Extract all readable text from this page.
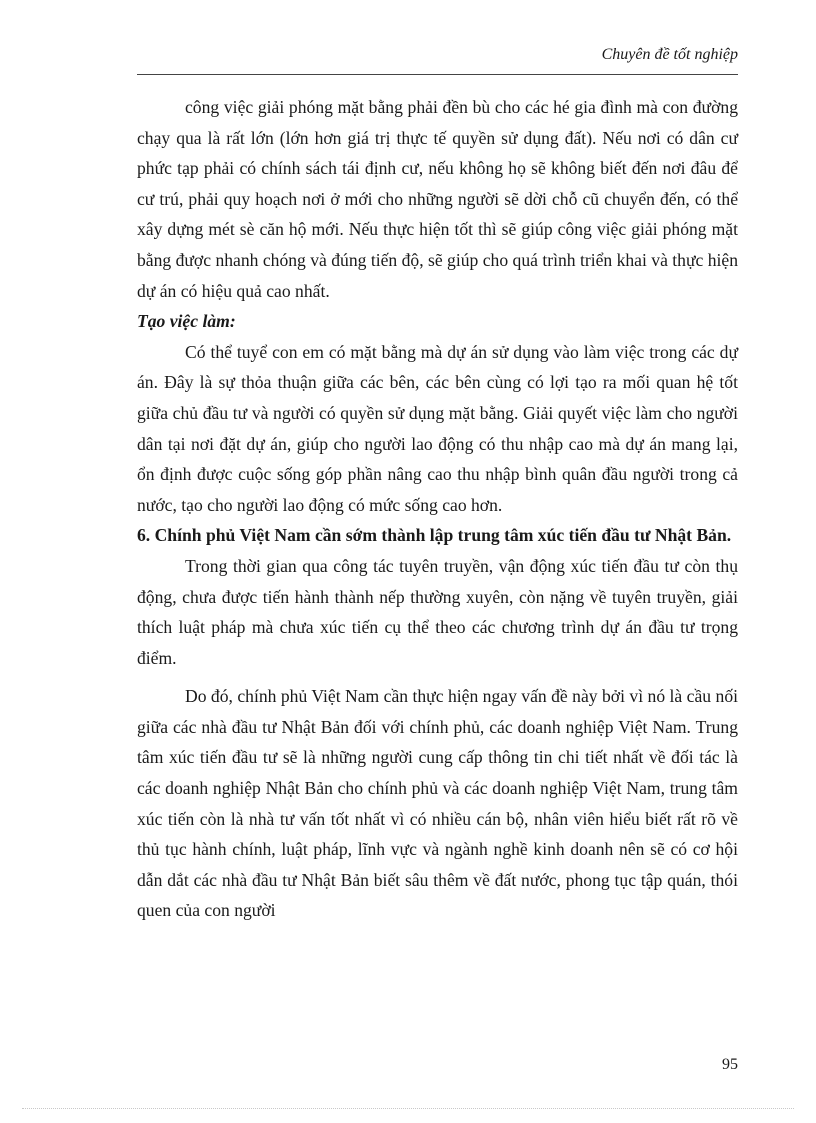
Chuyên đề tốt nghiệp

công việc giải phóng mặt bằng phải đền bù cho các hé gia đình mà con đường chạy qua là rất lớn (lớn hơn giá trị thực tế quyền sử dụng đất). Nếu nơi có dân cư phức tạp phải có chính sách tái định cư, nếu không họ sẽ không biết đến nơi đâu để cư trú, phải quy hoạch nơi ở mới cho những người sẽ dời chỗ cũ chuyển đến, có thể xây dựng mét sè căn hộ mới. Nếu thực hiện tốt thì sẽ giúp công việc giải phóng mặt bằng được nhanh chóng và đúng tiến độ, sẽ giúp cho quá trình triển khai và thực hiện dự án có hiệu quả cao nhất.

Tạo việc làm:

Có thể tuyể con em có mặt bằng mà dự án sử dụng vào làm việc trong các dự án. Đây là sự thỏa thuận giữa các bên, các bên cùng có lợi tạo ra mối quan hệ tốt giữa chủ đầu tư và người có quyền sử dụng mặt bằng. Giải quyết việc làm cho người dân tại nơi đặt dự án, giúp cho người lao động có thu nhập cao mà dự án mang lại, ổn định được cuộc sống góp phần nâng cao thu nhập bình quân đầu người trong cả nước, tạo cho người lao động có mức sống cao hơn.

6. Chính phủ Việt Nam cần sớm thành lập trung tâm xúc tiến đầu tư Nhật Bản.

Trong thời gian qua công tác tuyên truyền, vận động xúc tiến đầu tư còn thụ động, chưa được tiến hành thành nếp thường xuyên, còn nặng về tuyên truyền, giải thích luật pháp mà chưa xúc tiến cụ thể theo các chương trình dự án đầu tư trọng điểm.

Do đó, chính phủ Việt Nam cần thực hiện ngay vấn đề này bởi vì nó là cầu nối giữa các nhà đầu tư Nhật Bản đối với chính phủ, các doanh nghiệp Việt Nam. Trung tâm xúc tiến đầu tư sẽ là những người cung cấp thông tin chi tiết nhất về đối tác là các doanh nghiệp Nhật Bản cho chính phủ và các doanh nghiệp Việt Nam, trung tâm xúc tiến còn là nhà tư vấn tốt nhất vì có nhiều cán bộ, nhân viên hiểu biết rất rõ về thủ tục hành chính, luật pháp, lĩnh vực và ngành nghề kinh doanh nên sẽ có cơ hội dẫn dắt các nhà đầu tư Nhật Bản biết sâu thêm về đất nước, phong tục tập quán, thói quen của con người

95
